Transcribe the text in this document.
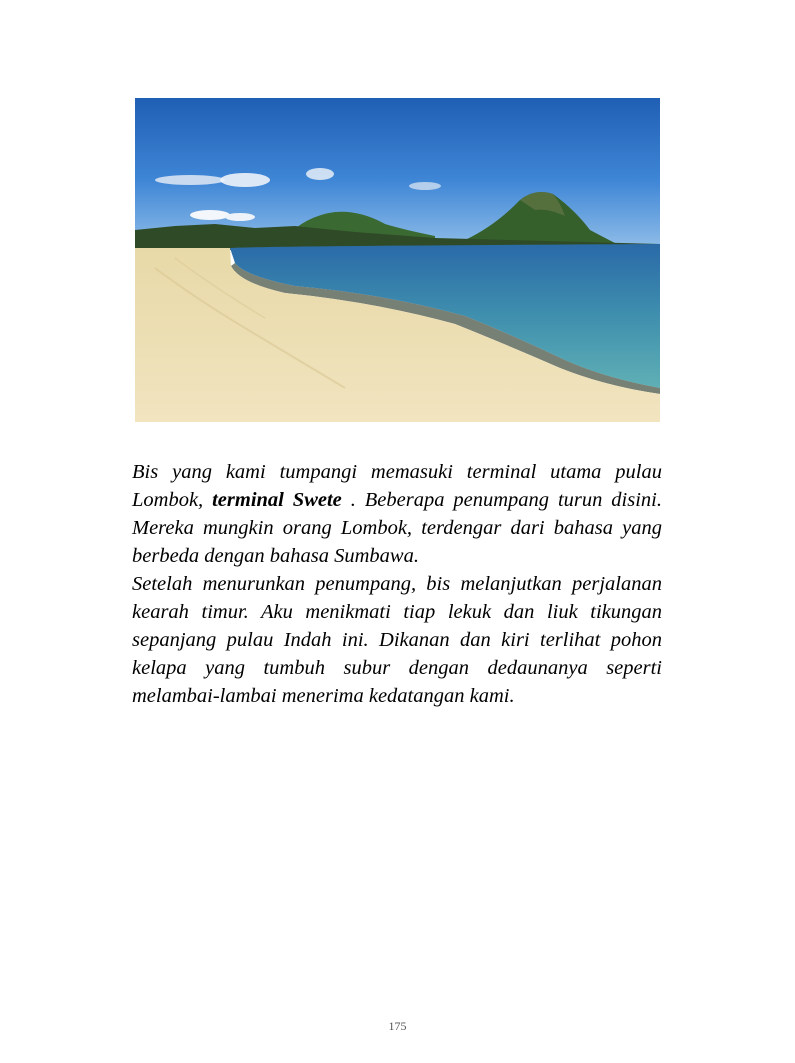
Bis yang kami tumpangi memasuki terminal utama pulau Lombok, terminal Swete . Beberapa penumpang turun disini. Mereka mungkin orang Lombok, terdengar dari bahasa yang berbeda dengan bahasa Sumbawa.

Setelah menurunkan penumpang, bis melanjutkan perjalanan kearah timur. Aku menikmati tiap lekuk dan liuk tikungan sepanjang pulau Indah ini. Dikanan dan kiri terlihat pohon kelapa yang tumbuh subur dengan dedaunanya seperti melambai-lambai menerima kedatangan kami.

175
